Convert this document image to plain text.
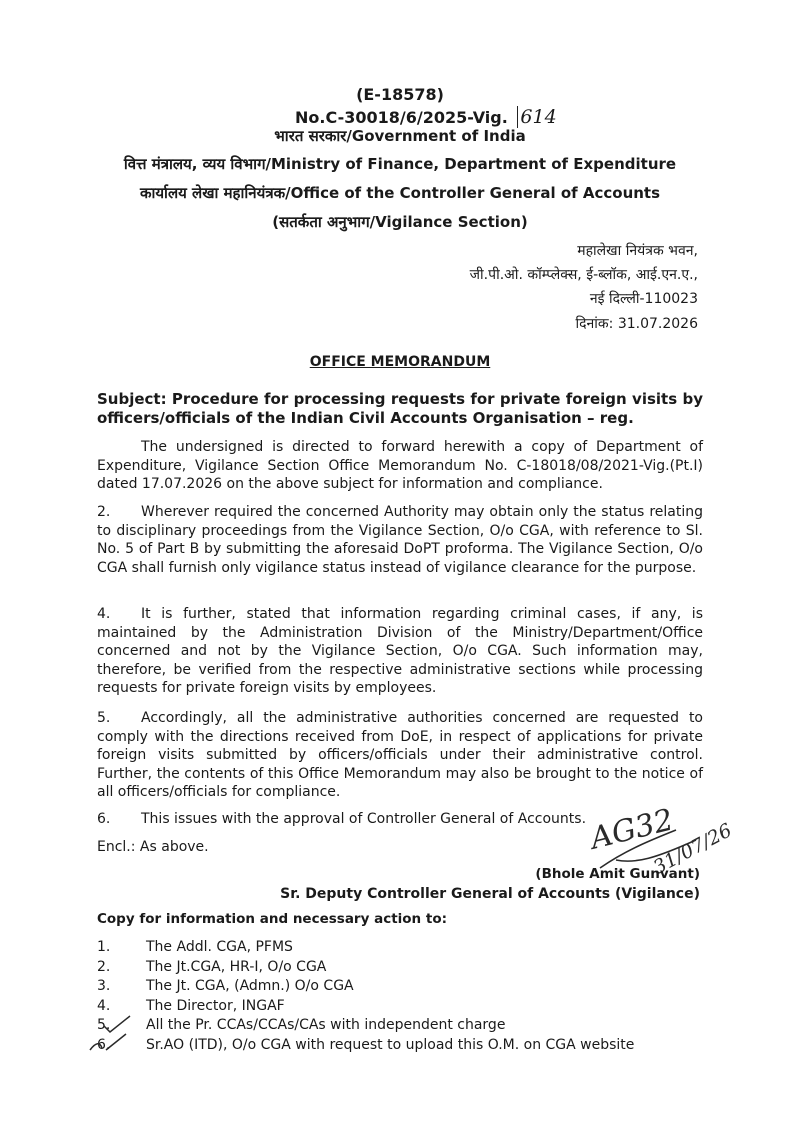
(E-18578)
No.C-30018/6/2025-Vig. 614
भारत सरकार/Government of India
वित्त मंत्रालय, व्यय विभाग/Ministry of Finance, Department of Expenditure
कार्यालय लेखा महानियंत्रक/Office of the Controller General of Accounts
(सतर्कता अनुभाग/Vigilance Section)
महालेखा नियंत्रक भवन,
जी.पी.ओ. कॉम्प्लेक्स, ई-ब्लॉक, आई.एन.ए.,
नई दिल्ली-110023
दिनांक: 31.07.2026
OFFICE MEMORANDUM
Subject: Procedure for processing requests for private foreign visits by officers/officials of the Indian Civil Accounts Organisation – reg.
The undersigned is directed to forward herewith a copy of Department of Expenditure, Vigilance Section Office Memorandum No. C-18018/08/2021-Vig.(Pt.I) dated 17.07.2026 on the above subject for information and compliance.
2. Wherever required the concerned Authority may obtain only the status relating to disciplinary proceedings from the Vigilance Section, O/o CGA, with reference to Sl. No. 5 of Part B by submitting the aforesaid DoPT proforma. The Vigilance Section, O/o CGA shall furnish only vigilance status instead of vigilance clearance for the purpose.
4. It is further, stated that information regarding criminal cases, if any, is maintained by the Administration Division of the Ministry/Department/Office concerned and not by the Vigilance Section, O/o CGA. Such information may, therefore, be verified from the respective administrative sections while processing requests for private foreign visits by employees.
5. Accordingly, all the administrative authorities concerned are requested to comply with the directions received from DoE, in respect of applications for private foreign visits submitted by officers/officials under their administrative control. Further, the contents of this Office Memorandum may also be brought to the notice of all officers/officials for compliance.
6. This issues with the approval of Controller General of Accounts.
Encl.: As above.	AG32
31/07/26
(Bhole Amit Gunvant)
Sr. Deputy Controller General of Accounts (Vigilance)
Copy for information and necessary action to:
1.	The Addl. CGA, PFMS
2.	The Jt.CGA, HR-I, O/o CGA
3.	The Jt. CGA, (Admn.) O/o CGA
4.	The Director, INGAF
5.	All the Pr. CCAs/CCAs/CAs with independent charge
6.	Sr.AO (ITD), O/o CGA with request to upload this O.M. on CGA website
